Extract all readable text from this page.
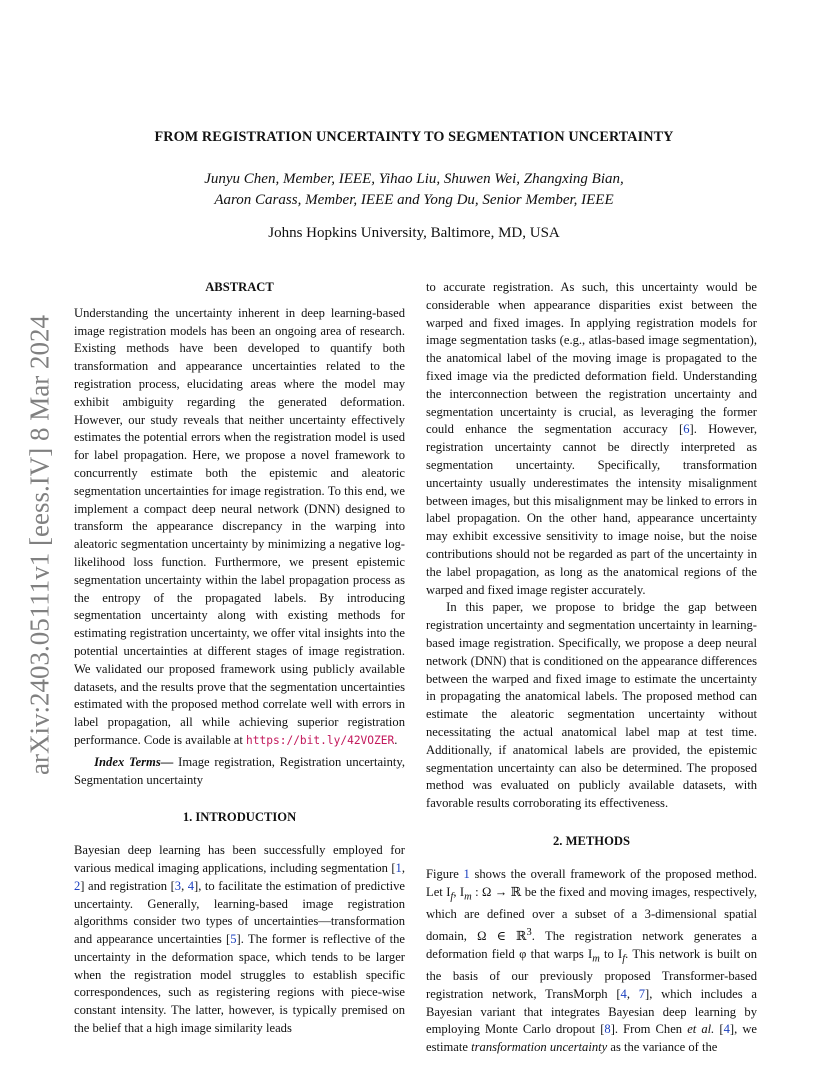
FROM REGISTRATION UNCERTAINTY TO SEGMENTATION UNCERTAINTY
Junyu Chen, Member, IEEE, Yihao Liu, Shuwen Wei, Zhangxing Bian,
Aaron Carass, Member, IEEE and Yong Du, Senior Member, IEEE
Johns Hopkins University, Baltimore, MD, USA
arXiv:2403.05111v1 [eess.IV] 8 Mar 2024
ABSTRACT

Understanding the uncertainty inherent in deep learning-based image registration models has been an ongoing area of research. Existing methods have been developed to quantify both transformation and appearance uncertainties related to the registration process, elucidating areas where the model may exhibit ambiguity regarding the generated deformation. However, our study reveals that neither uncertainty effectively estimates the potential errors when the registration model is used for label propagation. Here, we propose a novel framework to concurrently estimate both the epistemic and aleatoric segmentation uncertainties for image registration. To this end, we implement a compact deep neural network (DNN) designed to transform the appearance discrepancy in the warping into aleatoric segmentation uncertainty by minimizing a negative log-likelihood loss function. Furthermore, we present epistemic segmentation uncertainty within the label propagation process as the entropy of the propagated labels. By introducing segmentation uncertainty along with existing methods for estimating registration uncertainty, we offer vital insights into the potential uncertainties at different stages of image registration. We validated our proposed framework using publicly available datasets, and the results prove that the segmentation uncertainties estimated with the proposed method correlate well with errors in label propagation, all while achieving superior registration performance. Code is available at https://bit.ly/42VOZER.

Index Terms— Image registration, Registration uncertainty, Segmentation uncertainty

1. INTRODUCTION

Bayesian deep learning has been successfully employed for various medical imaging applications, including segmentation [1, 2] and registration [3, 4], to facilitate the estimation of predictive uncertainty. Generally, learning-based image registration algorithms consider two types of uncertainties—transformation and appearance uncertainties [5]. The former is reflective of the uncertainty in the deformation space, which tends to be larger when the registration model struggles to establish specific correspondences, such as registering regions with piece-wise constant intensity. The latter, however, is typically premised on the belief that a high image similarity leads

to accurate registration. As such, this uncertainty would be considerable when appearance disparities exist between the warped and fixed images. In applying registration models for image segmentation tasks (e.g., atlas-based image segmentation), the anatomical label of the moving image is propagated to the fixed image via the predicted deformation field. Understanding the interconnection between the registration uncertainty and segmentation uncertainty is crucial, as leveraging the former could enhance the segmentation accuracy [6]. However, registration uncertainty cannot be directly interpreted as segmentation uncertainty. Specifically, transformation uncertainty usually underestimates the intensity misalignment between images, but this misalignment may be linked to errors in label propagation. On the other hand, appearance uncertainty may exhibit excessive sensitivity to image noise, but the noise contributions should not be regarded as part of the uncertainty in the label propagation, as long as the anatomical regions of the warped and fixed image register accurately.

In this paper, we propose to bridge the gap between registration uncertainty and segmentation uncertainty in learning-based image registration. Specifically, we propose a deep neural network (DNN) that is conditioned on the appearance differences between the warped and fixed image to estimate the uncertainty in propagating the anatomical labels. The proposed method can estimate the aleatoric segmentation uncertainty without necessitating the actual anatomical label map at test time. Additionally, if anatomical labels are provided, the epistemic segmentation uncertainty can also be determined. The proposed method was evaluated on publicly available datasets, with favorable results corroborating its effectiveness.

2. METHODS

Figure 1 shows the overall framework of the proposed method. Let $I_f$, $I_m$ : Ω → ℝ be the fixed and moving images, respectively, which are defined over a subset of a 3-dimensional spatial domain, Ω ∈ ℝ$^3$. The registration network generates a deformation field φ that warps $I_m$ to $I_f$. This network is built on the basis of our previously proposed Transformer-based registration network, TransMorph [4, 7], which includes a Bayesian variant that integrates Bayesian deep learning by employing Monte Carlo dropout [8]. From Chen et al. [4], we estimate transformation uncertainty as the variance of the
